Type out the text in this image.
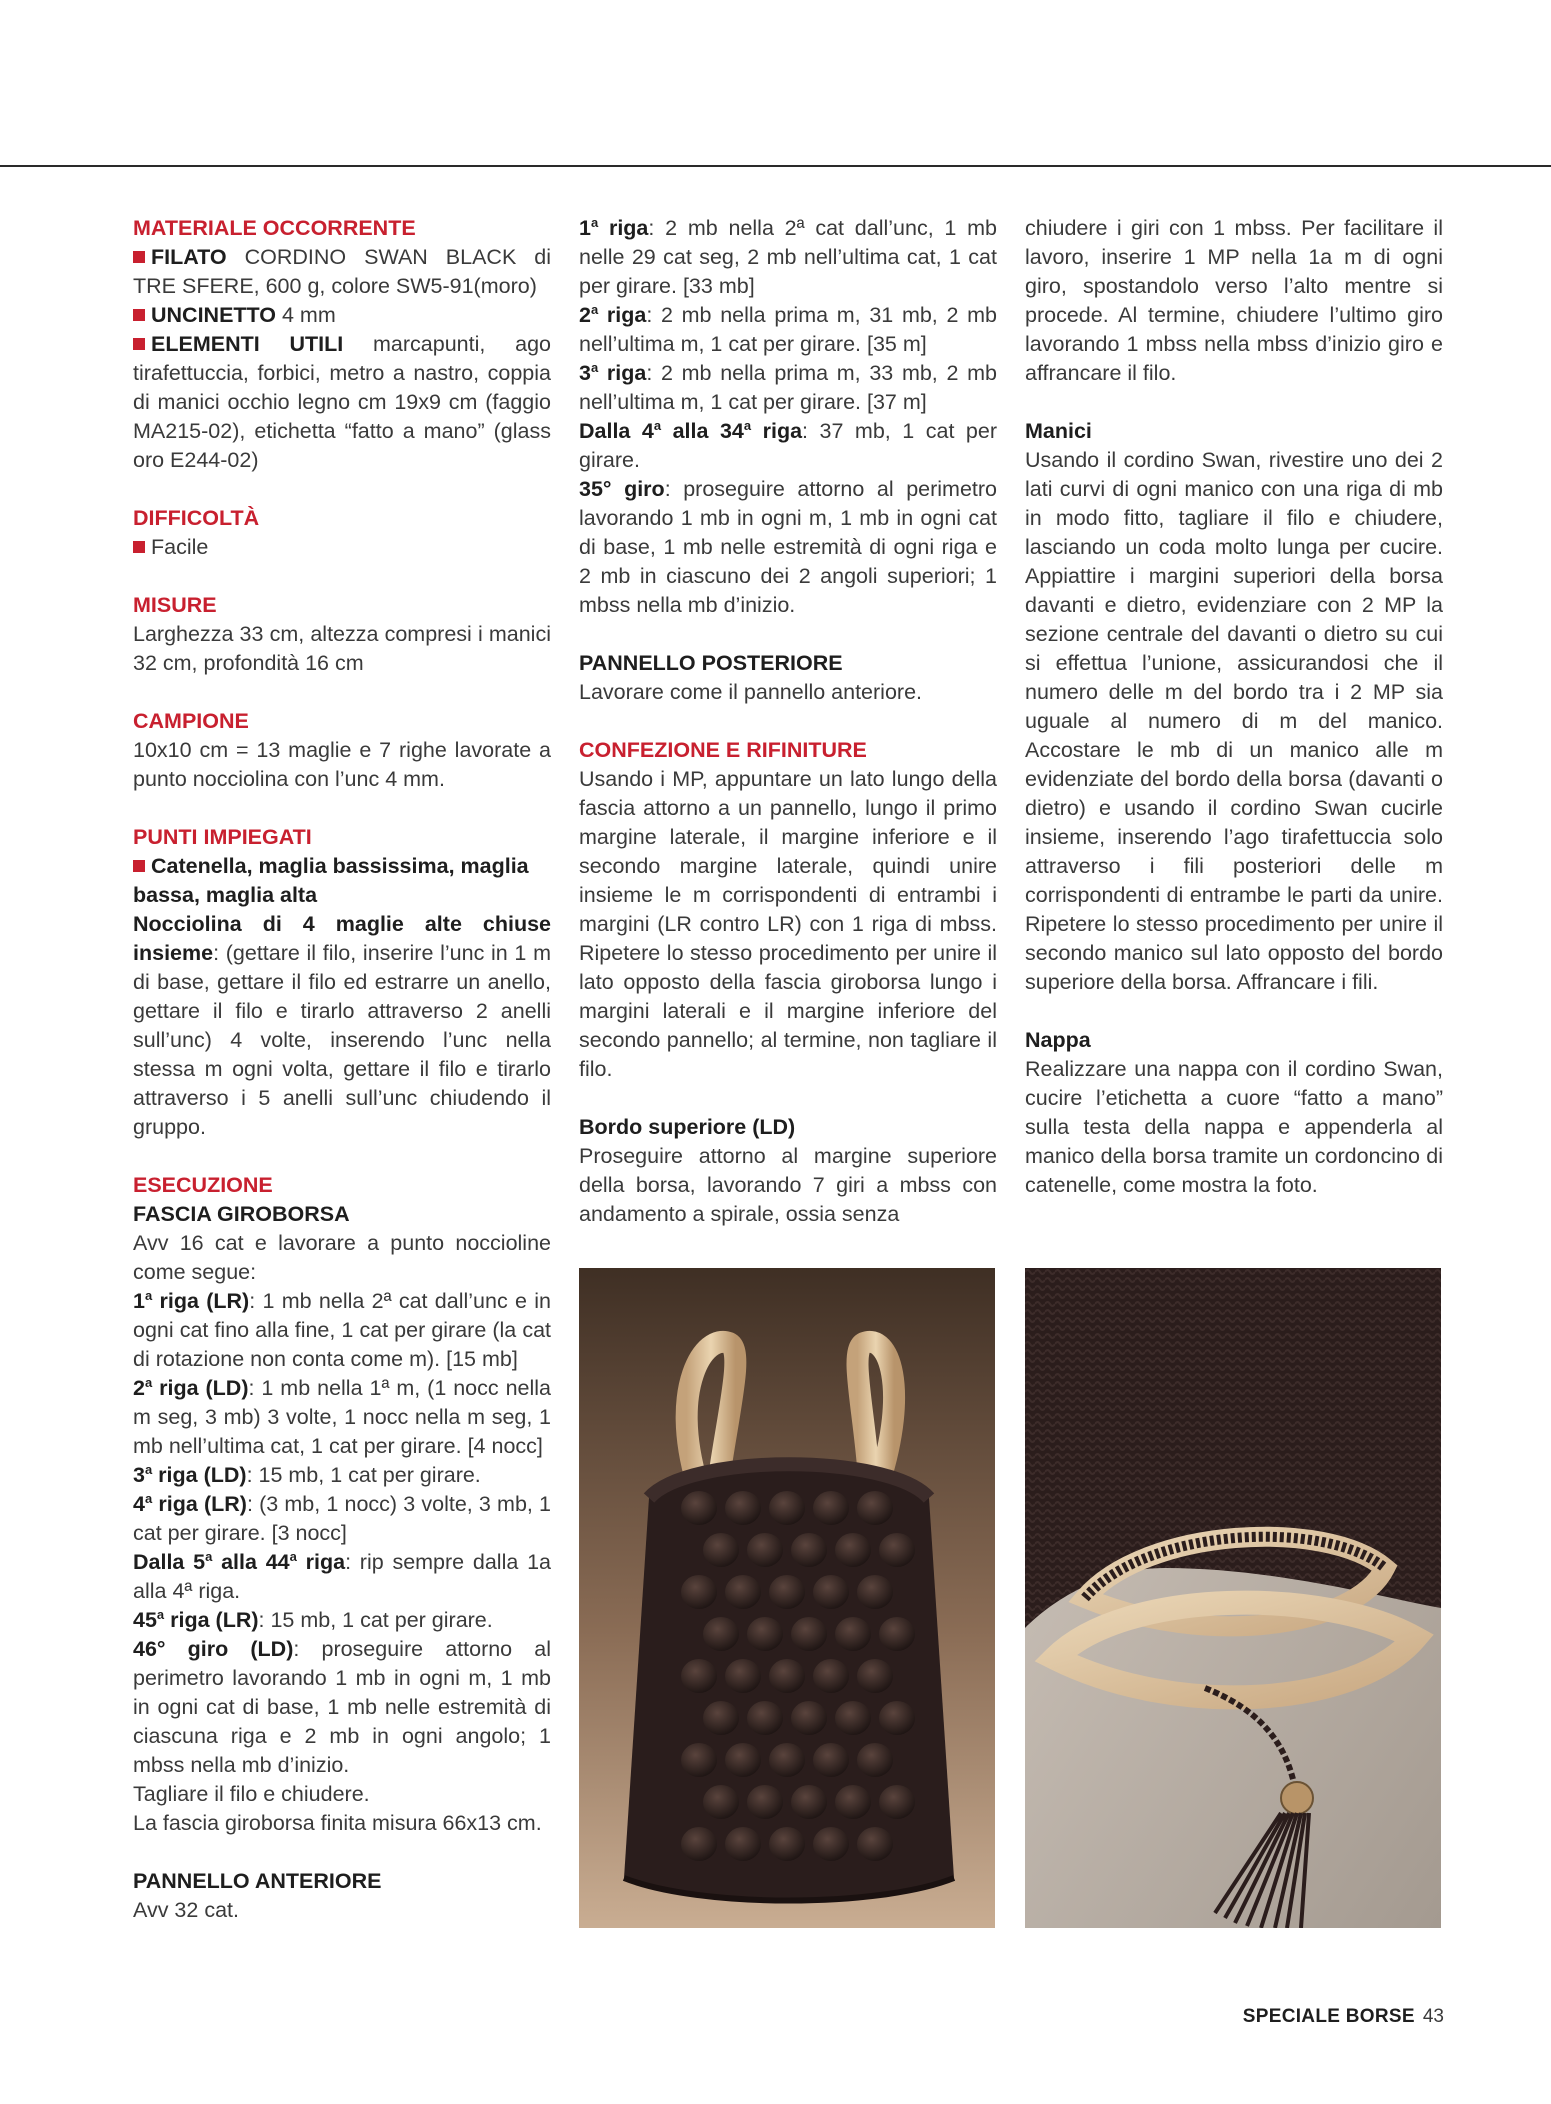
MATERIALE OCCORRENTE
FILATO CORDINO SWAN BLACK di TRE SFERE, 600 g, colore SW5-91(moro)
UNCINETTO 4 mm
ELEMENTI UTILI marcapunti, ago tirafettuccia, forbici, metro a nastro, coppia di manici occhio legno cm 19x9 cm (faggio MA215-02), etichetta “fatto a mano” (glass oro E244-02)
DIFFICOLTÀ
Facile
MISURE
Larghezza 33 cm, altezza compresi i manici 32 cm, profondità 16 cm
CAMPIONE
10x10 cm = 13 maglie e 7 righe lavorate a punto nocciolina con l’unc 4 mm.
PUNTI IMPIEGATI
Catenella, maglia bassissima, maglia bassa, maglia alta
Nocciolina di 4 maglie alte chiuse insieme: (gettare il filo, inserire l’unc in 1 m di base, gettare il filo ed estrarre un anello, gettare il filo e tirarlo attraverso 2 anelli sull’unc) 4 volte, inserendo l’unc nella stessa m ogni volta, gettare il filo e tirarlo attraverso i 5 anelli sull’unc chiudendo il gruppo.
ESECUZIONE
FASCIA GIROBORSA
Avv 16 cat e lavorare a punto noccioline come segue:
1$^a$ riga (LR): 1 mb nella 2ª cat dall’unc e in ogni cat fino alla fine, 1 cat per girare (la cat di rotazione non conta come m). [15 mb]
2$^a$ riga (LD): 1 mb nella 1ª m, (1 nocc nella m seg, 3 mb) 3 volte, 1 nocc nella m seg, 1 mb nell’ultima cat, 1 cat per girare. [4 nocc]
3$^a$ riga (LD): 15 mb, 1 cat per girare.
4$^a$ riga (LR): (3 mb, 1 nocc) 3 volte, 3 mb, 1 cat per girare. [3 nocc]
Dalla 5$^a$ alla 44$^a$ riga: rip sempre dalla 1a alla 4ª riga.
45$^a$ riga (LR): 15 mb, 1 cat per girare.
46° giro (LD): proseguire attorno al perimetro lavorando 1 mb in ogni m, 1 mb in ogni cat di base, 1 mb nelle estremità di ciascuna riga e 2 mb in ogni angolo; 1 mbss nella mb d’inizio.
Tagliare il filo e chiudere.
La fascia giroborsa finita misura 66x13 cm.
PANNELLO ANTERIORE
Avv 32 cat.
1$^a$ riga: 2 mb nella 2ª cat dall’unc, 1 mb nelle 29 cat seg, 2 mb nell’ultima cat, 1 cat per girare. [33 mb]
2$^a$ riga: 2 mb nella prima m, 31 mb, 2 mb nell’ultima m, 1 cat per girare. [35 m]
3$^a$ riga: 2 mb nella prima m, 33 mb, 2 mb nell’ultima m, 1 cat per girare. [37 m]
Dalla 4$^a$ alla 34$^a$ riga: 37 mb, 1 cat per girare.
35° giro: proseguire attorno al perimetro lavorando 1 mb in ogni m, 1 mb in ogni cat di base, 1 mb nelle estremità di ogni riga e 2 mb in ciascuno dei 2 angoli superiori; 1 mbss nella mb d’inizio.
PANNELLO POSTERIORE
Lavorare come il pannello anteriore.
CONFEZIONE E RIFINITURE
Usando i MP, appuntare un lato lungo della fascia attorno a un pannello, lungo il primo margine laterale, il margine inferiore e il secondo margine laterale, quindi unire insieme le m corrispondenti di entrambi i margini (LR contro LR) con 1 riga di mbss. Ripetere lo stesso procedimento per unire il lato opposto della fascia giroborsa lungo i margini laterali e il margine inferiore del secondo pannello; al termine, non tagliare il filo.
Bordo superiore (LD)
Proseguire attorno al margine superiore della borsa, lavorando 7 giri a mbss con andamento a spirale, ossia senza
chiudere i giri con 1 mbss. Per facilitare il lavoro, inserire 1 MP nella 1a m di ogni giro, spostandolo verso l’alto mentre si procede. Al termine, chiudere l’ultimo giro lavorando 1 mbss nella mbss d’inizio giro e affrancare il filo.
Manici
Usando il cordino Swan, rivestire uno dei 2 lati curvi di ogni manico con una riga di mb in modo fitto, tagliare il filo e chiudere, lasciando un coda molto lunga per cucire. Appiattire i margini superiori della borsa davanti e dietro, evidenziare con 2 MP la sezione centrale del davanti o dietro su cui si effettua l’unione, assicurandosi che il numero delle m del bordo tra i 2 MP sia uguale al numero di m del manico. Accostare le mb di un manico alle m evidenziate del bordo della borsa (davanti o dietro) e usando il cordino Swan cucirle insieme, inserendo l’ago tirafettuccia solo attraverso i fili posteriori delle m corrispondenti di entrambe le parti da unire. Ripetere lo stesso procedimento per unire il secondo manico sul lato opposto del bordo superiore della borsa. Affrancare i fili.
Nappa
Realizzare una nappa con il cordino Swan, cucire l’etichetta a cuore “fatto a mano” sulla testa della nappa e appenderla al manico della borsa tramite un cordoncino di catenelle, come mostra la foto.
SPECIALE BORSE 43
